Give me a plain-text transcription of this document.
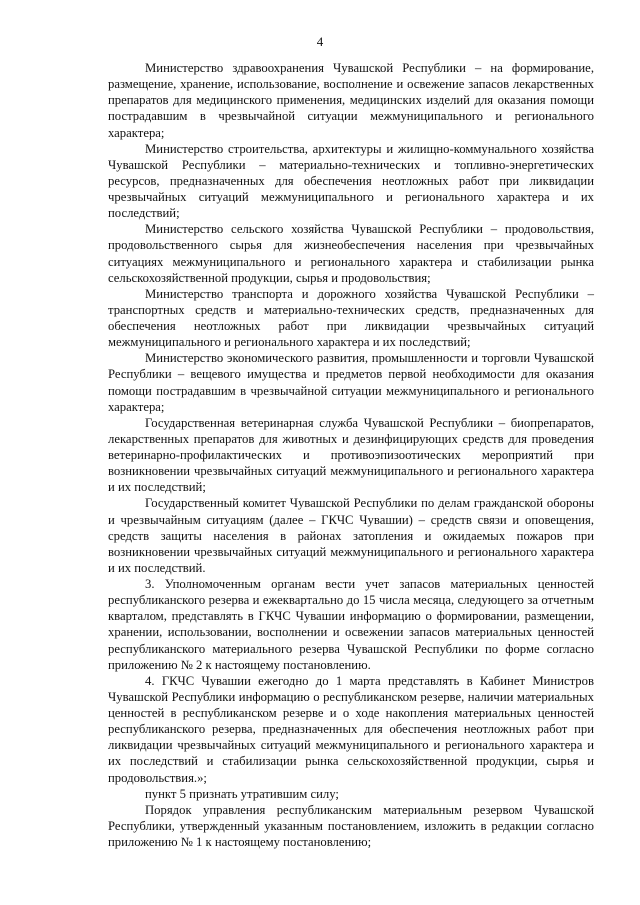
4

Министерство здравоохранения Чувашской Республики – на формирование, размещение, хранение, использование, восполнение и освежение запасов лекарственных препаратов для медицинского применения, медицинских изделий для оказания помощи пострадавшим в чрезвычайной ситуации межмуниципального и регионального характера;

Министерство строительства, архитектуры и жилищно-коммунального хозяйства Чувашской Республики – материально-технических и топливно-энергетических ресурсов, предназначенных для обеспечения неотложных работ при ликвидации чрезвычайных ситуаций межмуниципального и регионального характера и их последствий;

Министерство сельского хозяйства Чувашской Республики – продовольствия, продовольственного сырья для жизнеобеспечения населения при чрезвычайных ситуациях межмуниципального и регионального характера и стабилизации рынка сельскохозяйственной продукции, сырья и продовольствия;

Министерство транспорта и дорожного хозяйства Чувашской Республики – транспортных средств и материально-технических средств, предназначенных для обеспечения неотложных работ при ликвидации чрезвычайных ситуаций межмуниципального и регионального характера и их последствий;

Министерство экономического развития, промышленности и торговли Чувашской Республики – вещевого имущества и предметов первой необходимости для оказания помощи пострадавшим в чрезвычайной ситуации межмуниципального и регионального характера;

Государственная ветеринарная служба Чувашской Республики – биопрепаратов, лекарственных препаратов для животных и дезинфицирующих средств для проведения ветеринарно-профилактических и противоэпизоотических мероприятий при возникновении чрезвычайных ситуаций межмуниципального и регионального характера и их последствий;

Государственный комитет Чувашской Республики по делам гражданской обороны и чрезвычайным ситуациям (далее – ГКЧС Чувашии) – средств связи и оповещения, средств защиты населения в районах затопления и ожидаемых пожаров при возникновении чрезвычайных ситуаций межмуниципального и регионального характера и их последствий.

3. Уполномоченным органам вести учет запасов материальных ценностей республиканского резерва и ежеквартально до 15 числа месяца, следующего за отчетным кварталом, представлять в ГКЧС Чувашии информацию о формировании, размещении, хранении, использовании, восполнении и освежении запасов материальных ценностей республиканского материального резерва Чувашской Республики по форме согласно приложению № 2 к настоящему постановлению.

4. ГКЧС Чувашии ежегодно до 1 марта представлять в Кабинет Министров Чувашской Республики информацию о республиканском резерве, наличии материальных ценностей в республиканском резерве и о ходе накопления материальных ценностей республиканского резерва, предназначенных для обеспечения неотложных работ при ликвидации чрезвычайных ситуаций межмуниципального и регионального характера и их последствий и стабилизации рынка сельскохозяйственной продукции, сырья и продовольствия.»;

пункт 5 признать утратившим силу;

Порядок управления республиканским материальным резервом Чувашской Республики, утвержденный указанным постановлением, изложить в редакции согласно приложению № 1 к настоящему постановлению;
